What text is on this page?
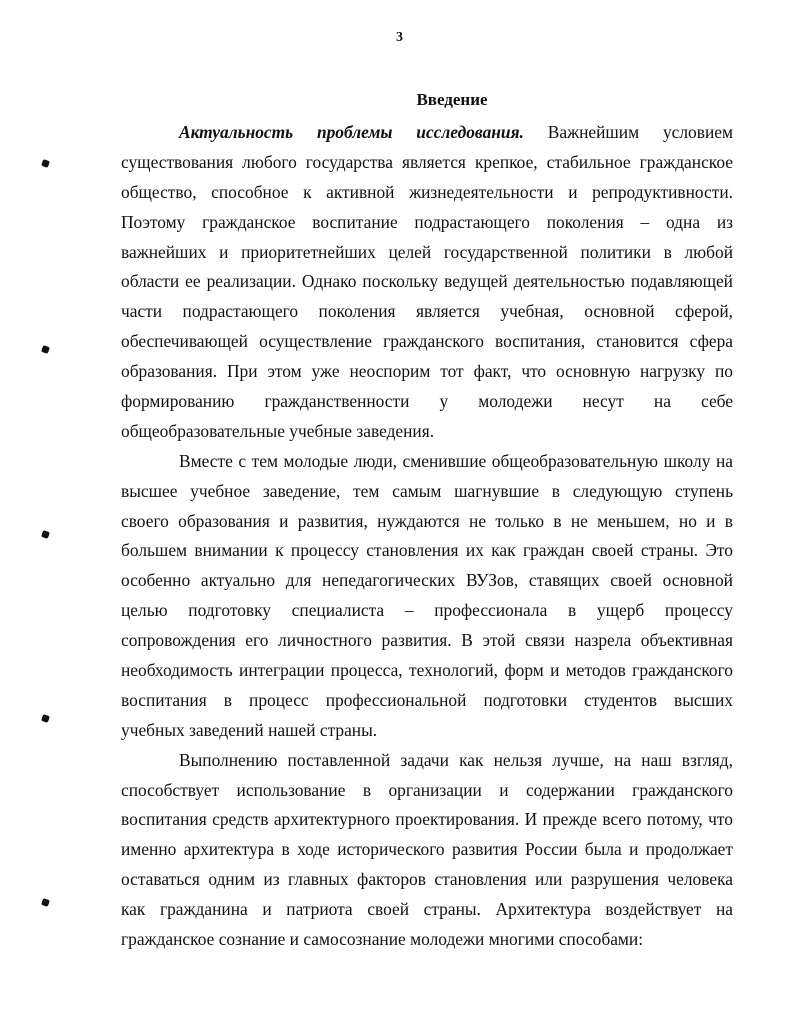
3
Введение
Актуальность проблемы исследования. Важнейшим условием
существования любого государства является крепкое, стабильное гражданское
общество, способное к активной жизнедеятельности и репродуктивности.
Поэтому гражданское воспитание подрастающего поколения – одна из
важнейших и приоритетнейших целей государственной политики в любой
области ее реализации. Однако поскольку ведущей деятельностью подавляющей
части подрастающего поколения является учебная, основной сферой,
обеспечивающей осуществление гражданского воспитания, становится сфера
образования. При этом уже неоспорим тот факт, что основную нагрузку по
формированию гражданственности у молодежи несут на себе
общеобразовательные учебные заведения.
Вместе с тем молодые люди, сменившие общеобразовательную школу на
высшее учебное заведение, тем самым шагнувшие в следующую ступень
своего образования и развития, нуждаются не только в не меньшем, но и в
большем внимании к процессу становления их как граждан своей страны. Это
особенно актуально для непедагогических ВУЗов, ставящих своей основной
целью подготовку специалиста – профессионала в ущерб процессу
сопровождения его личностного развития. В этой связи назрела объективная
необходимость интеграции процесса, технологий, форм и методов гражданского
воспитания в процесс профессиональной подготовки студентов высших
учебных заведений нашей страны.
Выполнению поставленной задачи как нельзя лучше, на наш взгляд,
способствует использование в организации и содержании гражданского
воспитания средств архитектурного проектирования. И прежде всего потому, что
именно архитектура в ходе исторического развития России была и продолжает
оставаться одним из главных факторов становления или разрушения человека
как гражданина и патриота своей страны. Архитектура воздействует на
гражданское сознание и самосознание молодежи многими способами:
